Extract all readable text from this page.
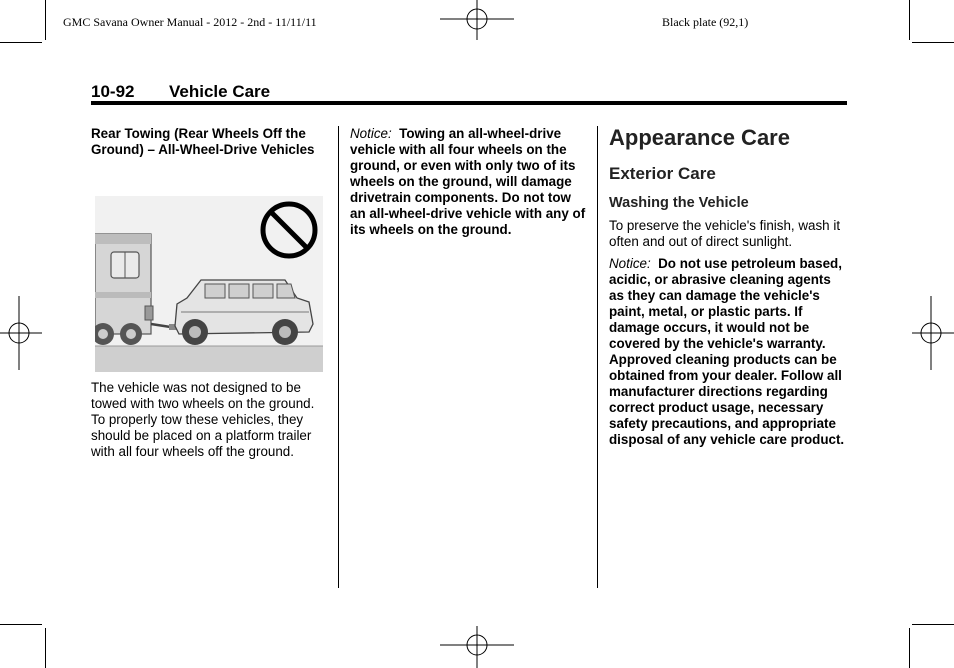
GMC Savana Owner Manual - 2012 - 2nd - 11/11/11	Black plate (92,1)
10-92 Vehicle Care
Rear Towing (Rear Wheels Off the Ground) – All-Wheel-Drive Vehicles
The vehicle was not designed to be towed with two wheels on the ground. To properly tow these vehicles, they should be placed on a platform trailer with all four wheels off the ground.
Notice: Towing an all-wheel-drive vehicle with all four wheels on the ground, or even with only two of its wheels on the ground, will damage drivetrain components. Do not tow an all-wheel-drive vehicle with any of its wheels on the ground.
Appearance Care
Exterior Care
Washing the Vehicle
To preserve the vehicle's finish, wash it often and out of direct sunlight.
Notice: Do not use petroleum based, acidic, or abrasive cleaning agents as they can damage the vehicle's paint, metal, or plastic parts. If damage occurs, it would not be covered by the vehicle's warranty. Approved cleaning products can be obtained from your dealer. Follow all manufacturer directions regarding correct product usage, necessary safety precautions, and appropriate disposal of any vehicle care product.
